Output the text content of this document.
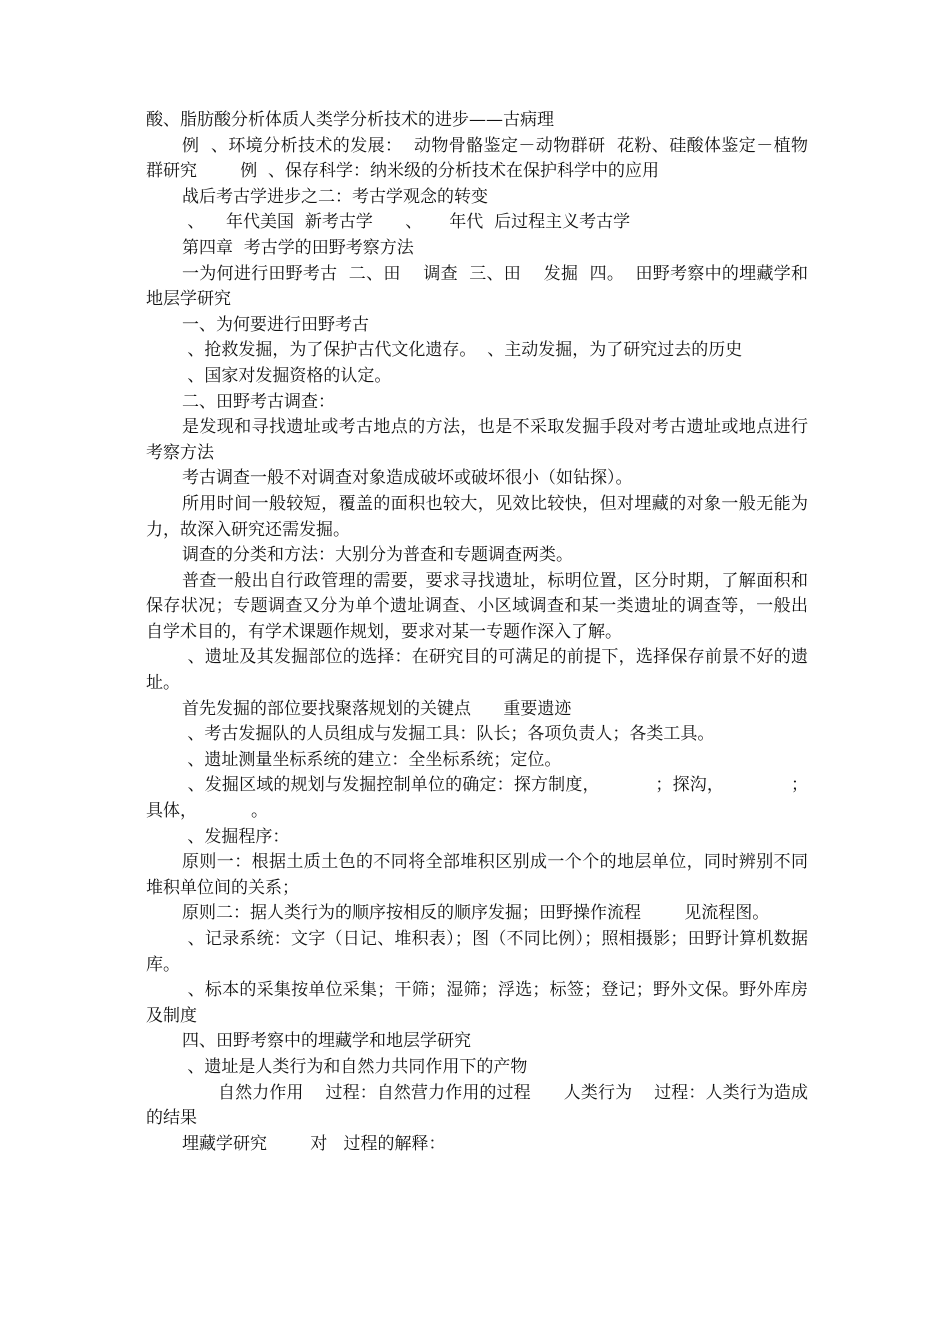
酸、脂肪酸分析体质人类学分析技术的进步——古病理

例  、环境分析技术的发展：  动物骨骼鉴定－动物群研  花粉、硅酸体鉴定－植物群研究        例  、保存科学：纳米级的分析技术在保护科学中的应用

战后考古学进步之二：考古学观念的转变

、    年代美国  新考古学      、     年代  后过程主义考古学

第四章  考古学的田野考察方法

一为何进行田野考古  二、田    调查  三、田    发掘  四。  田野考察中的埋藏学和地层学研究

一、为何要进行田野考古

、抢救发掘，为了保护古代文化遗存。  、主动发掘，为了研究过去的历史

、国家对发掘资格的认定。

二、田野考古调查：

是发现和寻找遗址或考古地点的方法，也是不采取发掘手段对考古遗址或地点进行考察方法

考古调查一般不对调查对象造成破坏或破坏很小（如钻探）。

所用时间一般较短，覆盖的面积也较大，见效比较快，但对埋藏的对象一般无能为力，故深入研究还需发掘。

调查的分类和方法：大别分为普查和专题调查两类。

普查一般出自行政管理的需要，要求寻找遗址，标明位置，区分时期，了解面积和保存状况；专题调查又分为单个遗址调查、小区域调查和某一类遗址的调查等，一般出自学术目的，有学术课题作规划，要求对某一专题作深入了解。

、遗址及其发掘部位的选择：在研究目的可满足的前提下，选择保存前景不好的遗址。

首先发掘的部位要找聚落规划的关键点      重要遗迹

、考古发掘队的人员组成与发掘工具：队长；各项负责人；各类工具。

、遗址测量坐标系统的建立：全坐标系统；定位。

、发掘区域的规划与发掘控制单位的确定：探方制度，          ；探沟，            ；具体，          。

、发掘程序：

原则一：根据土质土色的不同将全部堆积区别成一个个的地层单位，同时辨别不同堆积单位间的关系；

原则二：据人类行为的顺序按相反的顺序发掘；田野操作流程        见流程图。

、记录系统：文字（日记、堆积表）；图（不同比例）；照相摄影；田野计算机数据库。

、标本的采集按单位采集；干筛；湿筛；浮选；标签；登记；野外文保。野外库房及制度

四、田野考察中的埋藏学和地层学研究

、遗址是人类行为和自然力共同作用下的产物

自然力作用    过程：自然营力作用的过程      人类行为    过程：人类行为造成的结果

埋藏学研究        对   过程的解释：
